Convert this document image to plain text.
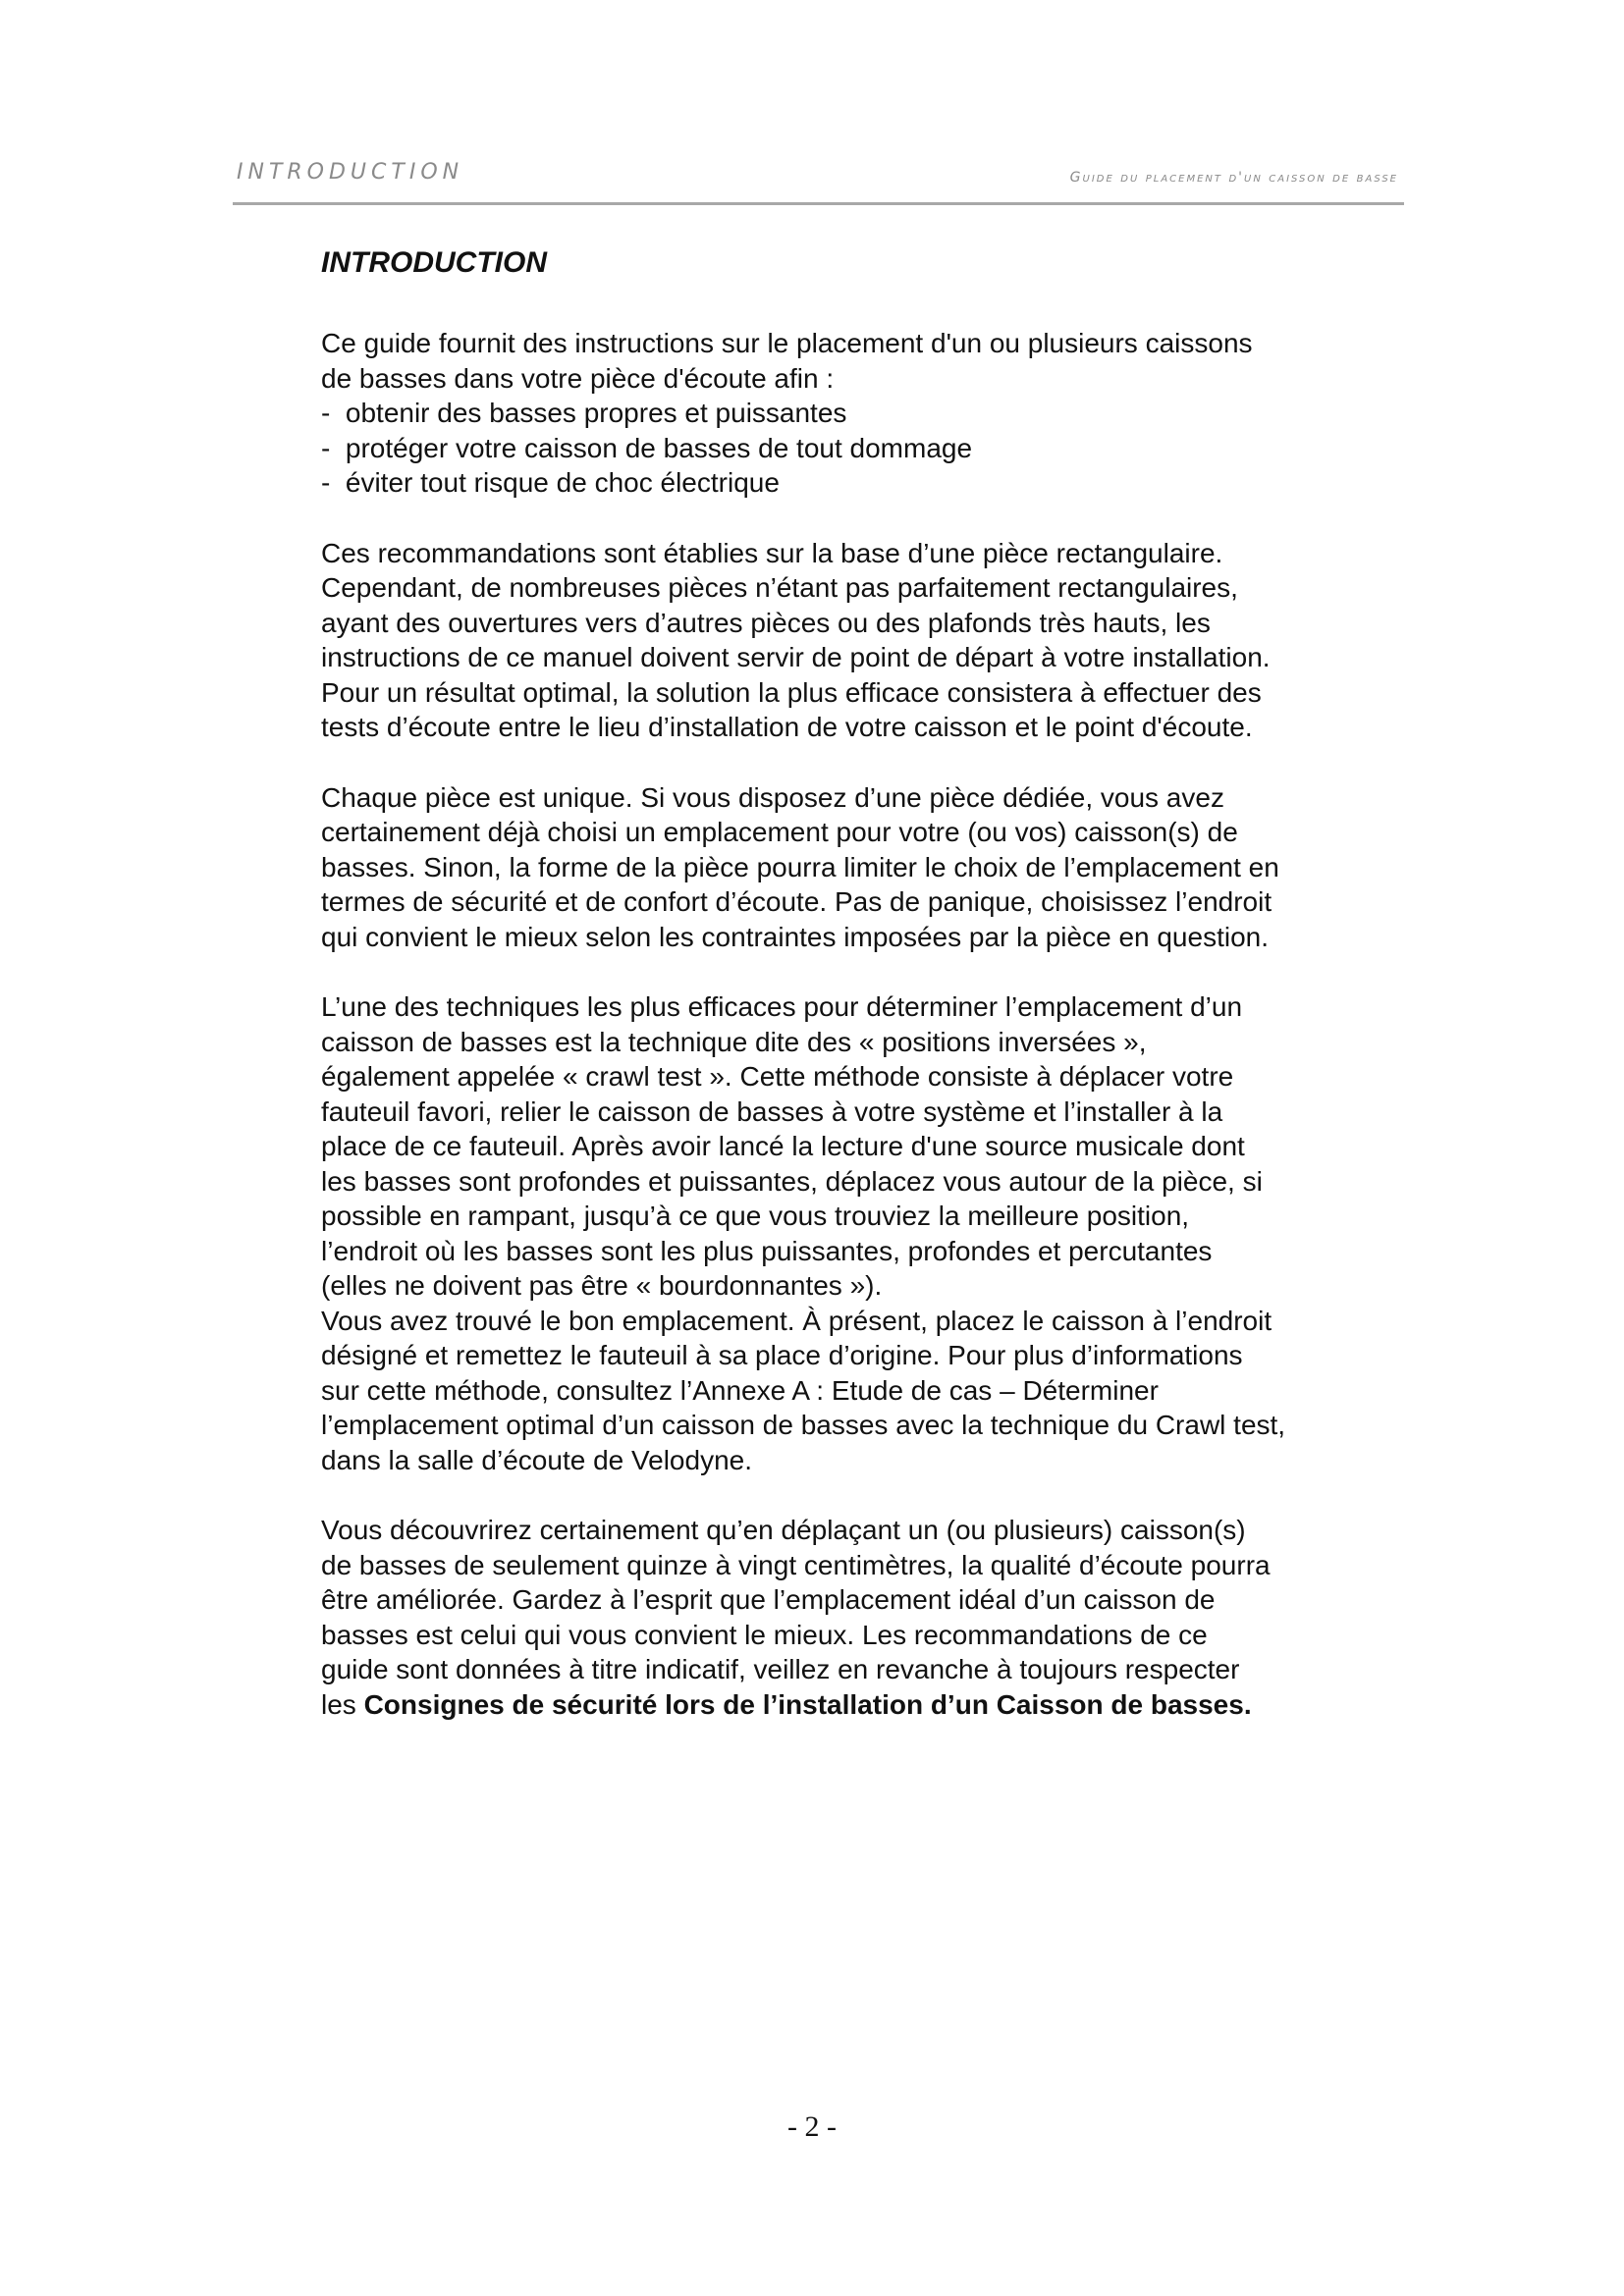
INTRODUCTION	Guide du placement d'un caisson de basse
INTRODUCTION

Ce guide fournit des instructions sur le placement d'un ou plusieurs caissons
de basses dans votre pièce d'écoute afin :

- obtenir des basses propres et puissantes
- protéger votre caisson de basses de tout dommage
- éviter tout risque de choc électrique

Ces recommandations sont établies sur la base d’une pièce rectangulaire.
Cependant, de nombreuses pièces n’étant pas parfaitement rectangulaires,
ayant des ouvertures vers d’autres pièces ou des plafonds très hauts, les
instructions de ce manuel doivent servir de point de départ à votre installation.
Pour un résultat optimal, la solution la plus efficace consistera à effectuer des
tests d’écoute entre le lieu d’installation de votre caisson et le point d'écoute.

Chaque pièce est unique. Si vous disposez d’une pièce dédiée, vous avez
certainement déjà choisi un emplacement pour votre (ou vos) caisson(s) de
basses. Sinon, la forme de la pièce pourra limiter le choix de l’emplacement en
termes de sécurité et de confort d’écoute. Pas de panique, choisissez l’endroit
qui convient le mieux selon les contraintes imposées par la pièce en question.

L’une des techniques les plus efficaces pour déterminer l’emplacement d’un
caisson de basses est la technique dite des « positions inversées »,
également appelée « crawl test ». Cette méthode consiste à déplacer votre
fauteuil favori, relier le caisson de basses à votre système et l’installer à la
place de ce fauteuil. Après avoir lancé la lecture d'une source musicale dont
les basses sont profondes et puissantes, déplacez vous autour de la pièce, si
possible en rampant, jusqu’à ce que vous trouviez la meilleure position,
l’endroit où les basses sont les plus puissantes, profondes et percutantes
(elles ne doivent pas être « bourdonnantes »).

Vous avez trouvé le bon emplacement. À présent, placez le caisson à l’endroit
désigné et remettez le fauteuil à sa place d’origine. Pour plus d’informations
sur cette méthode, consultez l’Annexe A : Etude de cas – Déterminer
l’emplacement optimal d’un caisson de basses avec la technique du Crawl test,
dans la salle d’écoute de Velodyne.

Vous découvrirez certainement qu’en déplaçant un (ou plusieurs) caisson(s)
de basses de seulement quinze à vingt centimètres, la qualité d’écoute pourra
être améliorée. Gardez à l’esprit que l’emplacement idéal d’un caisson de
basses est celui qui vous convient le mieux. Les recommandations de ce
guide sont données à titre indicatif, veillez en revanche à toujours respecter
les Consignes de sécurité lors de l’installation d’un Caisson de basses.

- 2 -
